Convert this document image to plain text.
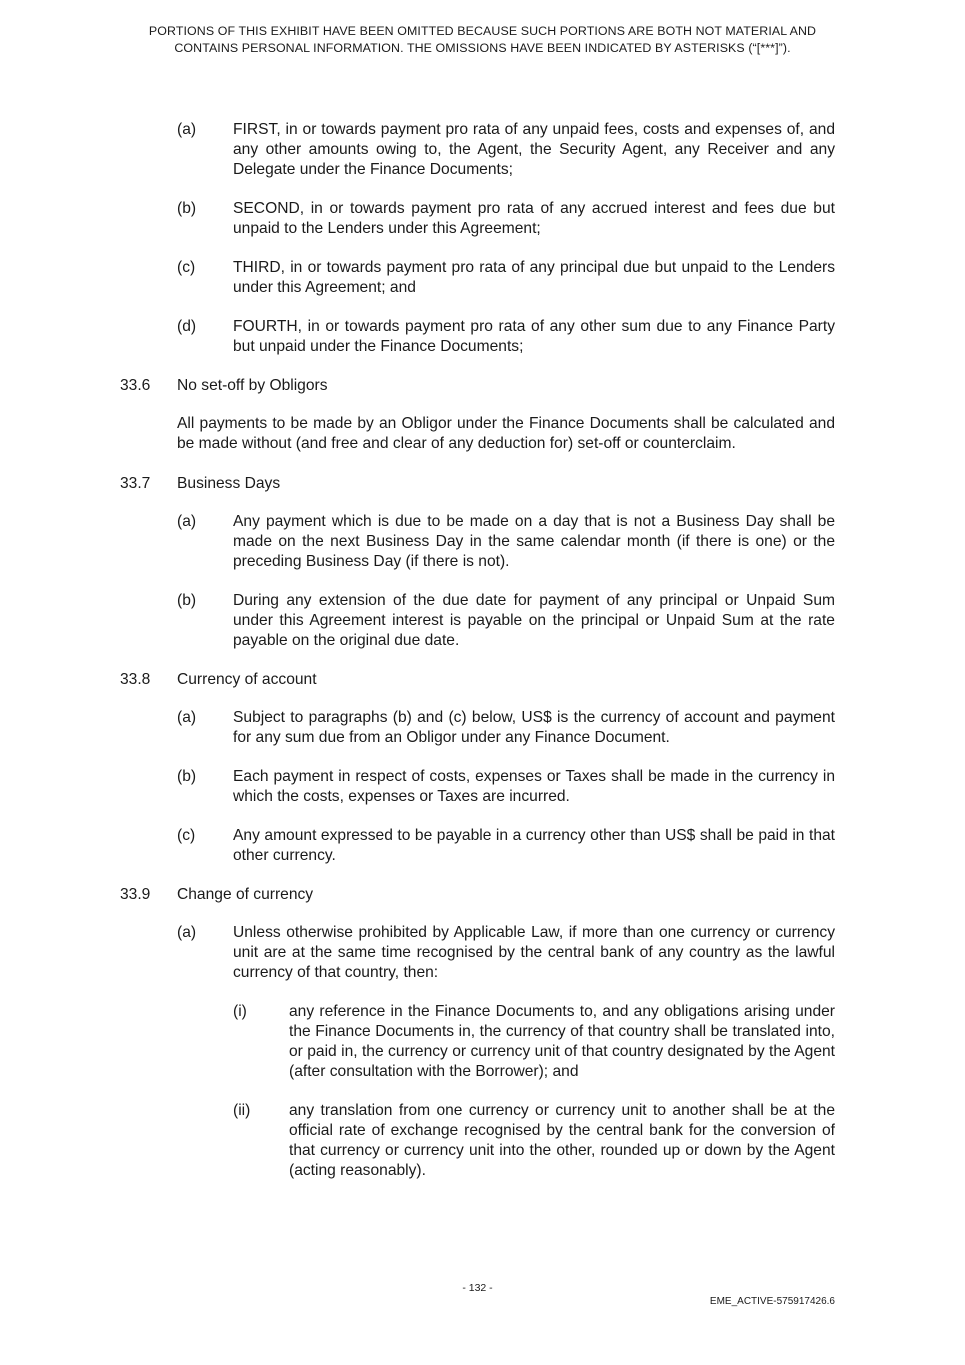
PORTIONS OF THIS EXHIBIT HAVE BEEN OMITTED BECAUSE SUCH PORTIONS ARE BOTH NOT MATERIAL AND
CONTAINS PERSONAL INFORMATION. THE OMISSIONS HAVE BEEN INDICATED BY ASTERISKS (“[***]”).
(a) FIRST, in or towards payment pro rata of any unpaid fees, costs and expenses of, and any other amounts owing to, the Agent, the Security Agent, any Receiver and any Delegate under the Finance Documents;
(b) SECOND, in or towards payment pro rata of any accrued interest and fees due but unpaid to the Lenders under this Agreement;
(c) THIRD, in or towards payment pro rata of any principal due but unpaid to the Lenders under this Agreement; and
(d) FOURTH, in or towards payment pro rata of any other sum due to any Finance Party but unpaid under the Finance Documents;
33.6 No set-off by Obligors
All payments to be made by an Obligor under the Finance Documents shall be calculated and be made without (and free and clear of any deduction for) set-off or counterclaim.
33.7 Business Days
(a) Any payment which is due to be made on a day that is not a Business Day shall be made on the next Business Day in the same calendar month (if there is one) or the preceding Business Day (if there is not).
(b) During any extension of the due date for payment of any principal or Unpaid Sum under this Agreement interest is payable on the principal or Unpaid Sum at the rate payable on the original due date.
33.8 Currency of account
(a) Subject to paragraphs (b) and (c) below, US$ is the currency of account and payment for any sum due from an Obligor under any Finance Document.
(b) Each payment in respect of costs, expenses or Taxes shall be made in the currency in which the costs, expenses or Taxes are incurred.
(c) Any amount expressed to be payable in a currency other than US$ shall be paid in that other currency.
33.9 Change of currency
(a) Unless otherwise prohibited by Applicable Law, if more than one currency or currency unit are at the same time recognised by the central bank of any country as the lawful currency of that country, then:
(i)	any reference in the Finance Documents to, and any obligations arising under the Finance Documents in, the currency of that country shall be translated into, or paid in, the currency or currency unit of that country designated by the Agent (after consultation with the Borrower); and
(ii) any translation from one currency or currency unit to another shall be at the official rate of exchange recognised by the central bank for the conversion of that currency or currency unit into the other, rounded up or down by the Agent (acting reasonably).
- 132 -
EME_ACTIVE-575917426.6
